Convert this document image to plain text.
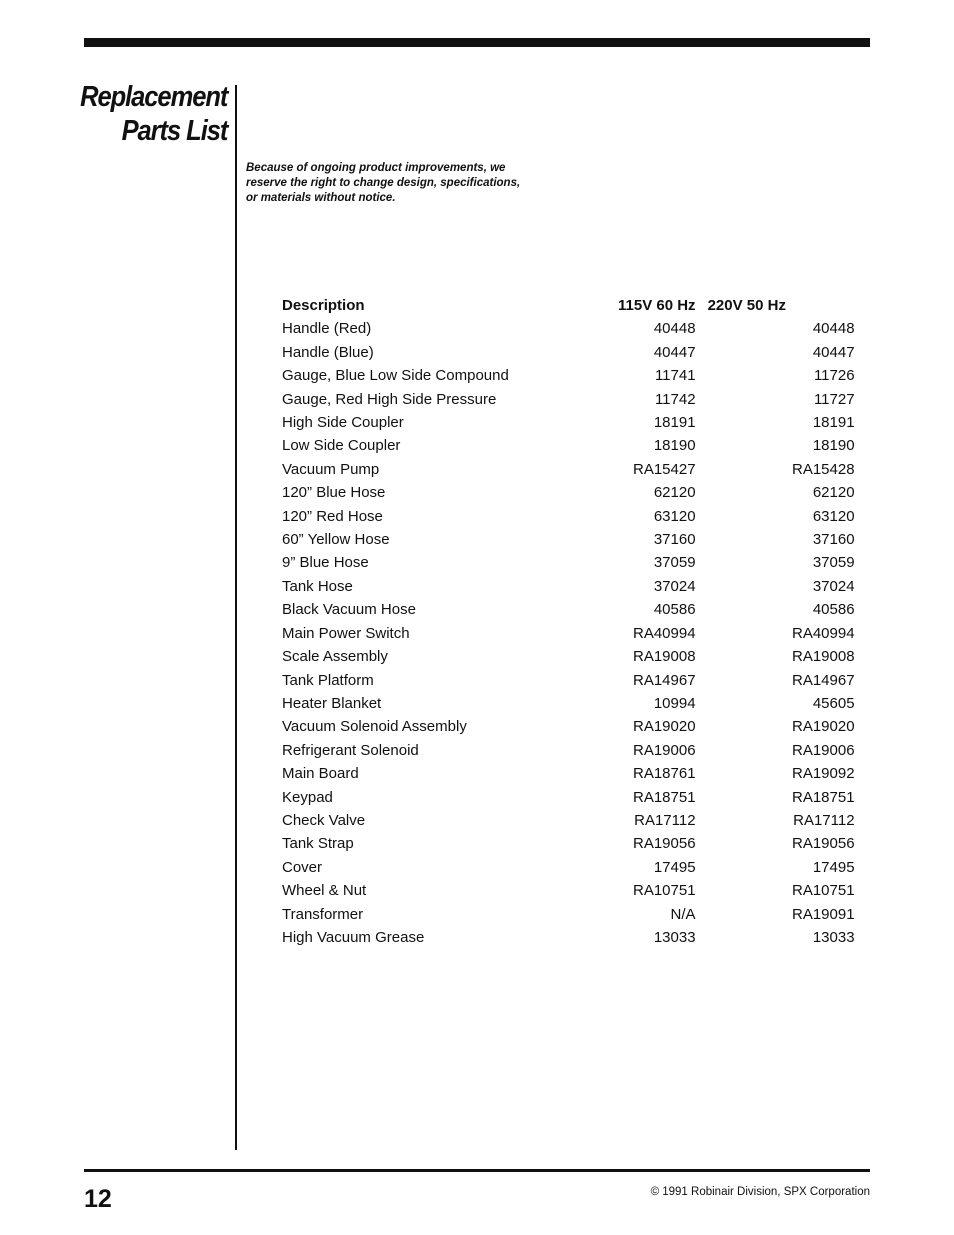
Replacement
Parts List
Because of ongoing product improvements, we
reserve the right to change design, specifications,
or materials without notice.
Description	115V 60 Hz	220V 50 Hz
Handle (Red)	40448	40448
Handle (Blue)	40447	40447
Gauge, Blue Low Side Compound	11741	11726
Gauge, Red High Side Pressure	11742	11727
High Side Coupler	18191	18191
Low Side Coupler	18190	18190
Vacuum Pump	RA15427	RA15428
120” Blue Hose	62120	62120
120” Red Hose	63120	63120
60” Yellow Hose	37160	37160
9” Blue Hose	37059	37059
Tank Hose	37024	37024
Black Vacuum Hose	40586	40586
Main Power Switch	RA40994	RA40994
Scale Assembly	RA19008	RA19008
Tank Platform	RA14967	RA14967
Heater Blanket	10994	45605
Vacuum Solenoid Assembly	RA19020	RA19020
Refrigerant Solenoid	RA19006	RA19006
Main Board	RA18761	RA19092
Keypad	RA18751	RA18751
Check Valve	RA17112	RA17112
Tank Strap	RA19056	RA19056
Cover	17495	17495
Wheel & Nut	RA10751	RA10751
Transformer	N/A	RA19091
High Vacuum Grease	13033	13033
12	© 1991 Robinair Division, SPX Corporation
